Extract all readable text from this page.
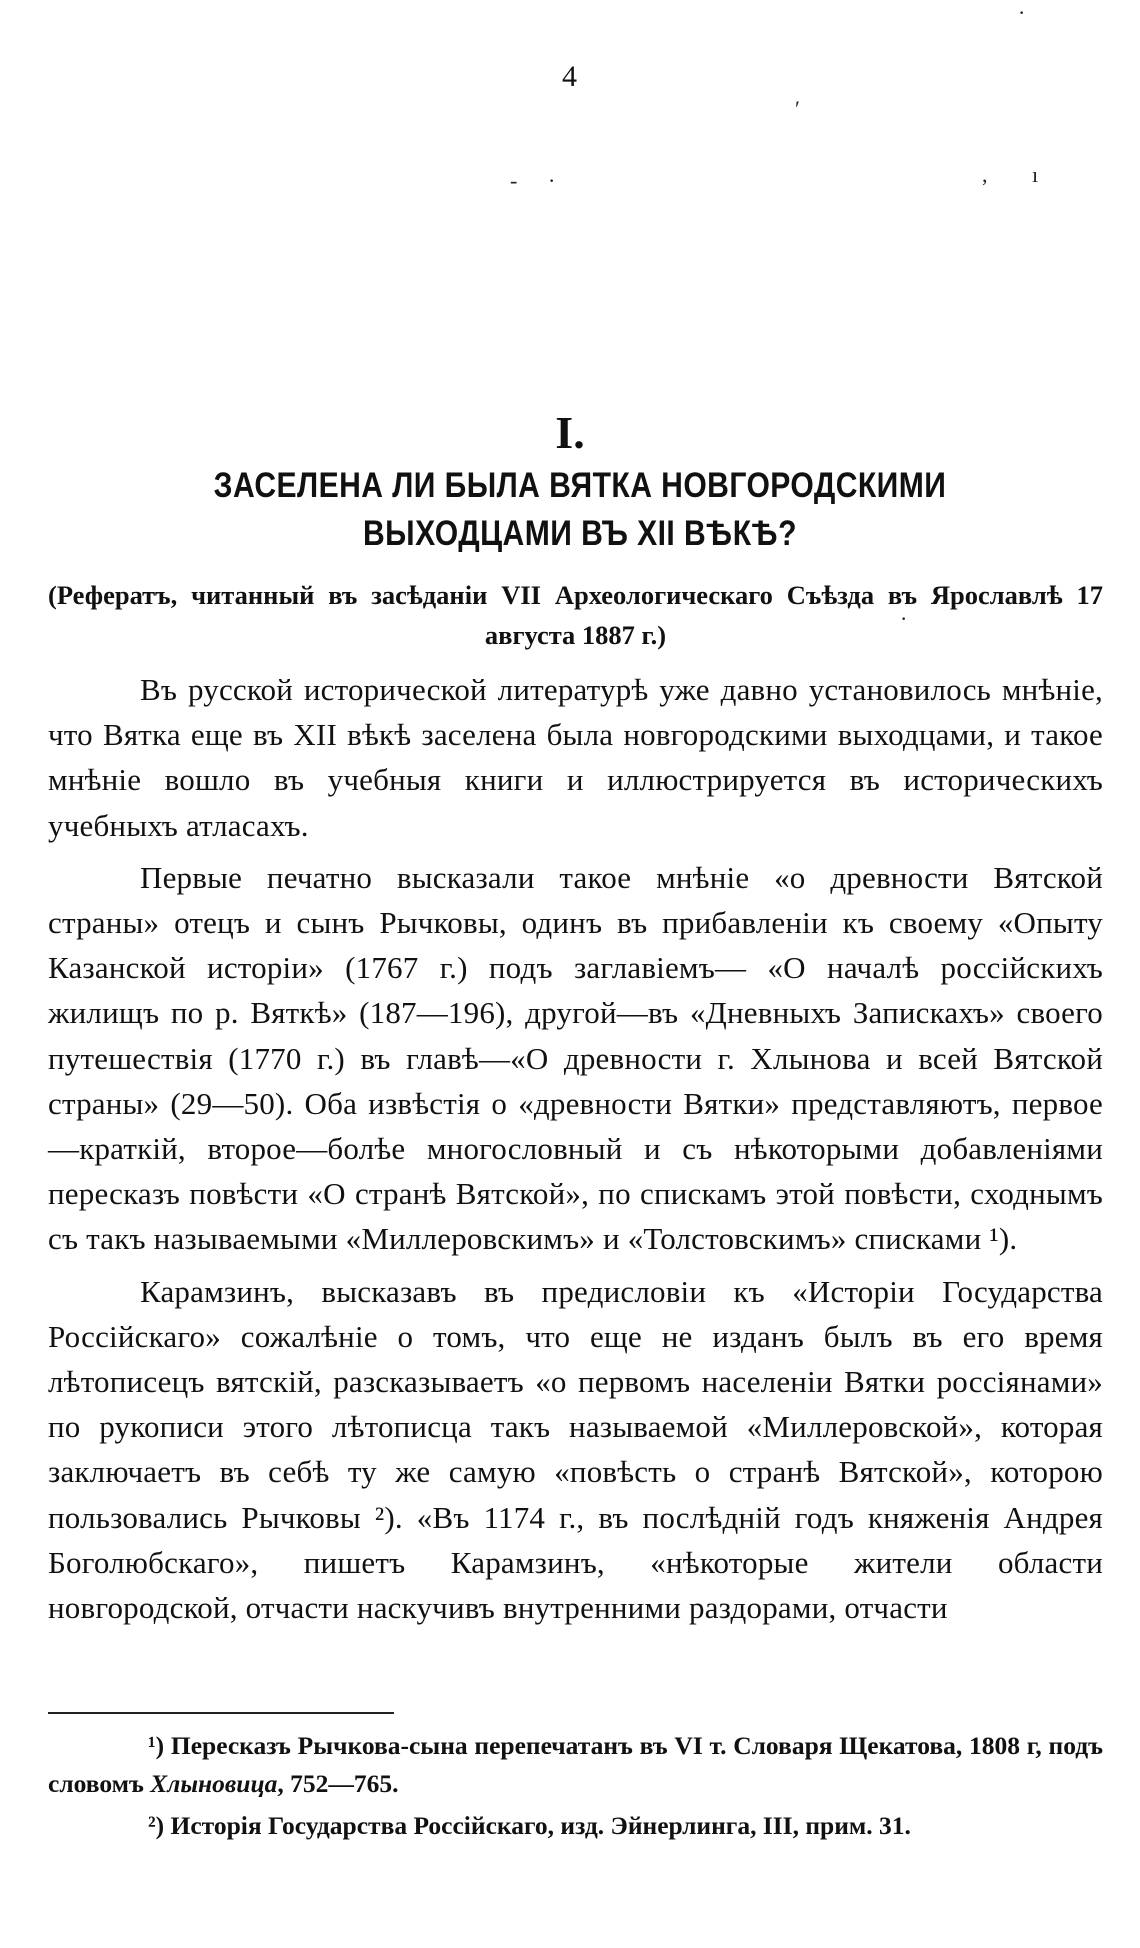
4
·
′
- ·	, ı
·
I.
ЗАСЕЛЕНА ЛИ БЫЛА ВЯТКА НОВГОРОДСКИМИ ВЫХОДЦАМИ ВЪ XII ВѢКѢ?
(Рефератъ, читанный въ засѣданіи VII Археологическаго Съѣзда въ Ярославлѣ 17 августа 1887 г.)

Въ русской исторической литературѣ уже давно установилось мнѣніе, что Вятка еще въ XII вѣкѣ заселена была новгородскими выходцами, и такое мнѣніе вошло въ учебныя книги и иллюстрируется въ историческихъ учебныхъ атласахъ.

Первые печатно высказали такое мнѣніе «о древности Вятской страны» отецъ и сынъ Рычковы, одинъ въ прибавленіи къ своему «Опыту Казанской исторіи» (1767 г.) подъ заглавіемъ— «О началѣ россійскихъ жилищъ по р. Вяткѣ» (187—196), другой—въ «Дневныхъ Запискахъ» своего путешествія (1770 г.) въ главѣ—«О древности г. Хлынова и всей Вятской страны» (29—50). Оба извѣстія о «древности Вятки» представляютъ, первое—краткій, второе—болѣе многословный и съ нѣкоторыми добавленіями пересказъ повѣсти «О странѣ Вятской», по спискамъ этой повѣсти, сходнымъ съ такъ называемыми «Миллеровскимъ» и «Толстовскимъ» списками ¹).

Карамзинъ, высказавъ въ предисловіи къ «Исторіи Государства Россійскаго» сожалѣніе о томъ, что еще не изданъ былъ въ его время лѣтописецъ вятскій, разсказываетъ «о первомъ населеніи Вятки россіянами» по рукописи этого лѣтописца такъ называемой «Миллеровской», которая заключаетъ въ себѣ ту же самую «повѣсть о странѣ Вятской», которою пользовались Рычковы ²). «Въ 1174 г., въ послѣдній годъ княженія Андрея Боголюбскаго», пишетъ Карамзинъ, «нѣкоторые жители области новгородской, отчасти наскучивъ внутренними раздорами, отчасти

¹) Пересказъ Рычкова-сына перепечатанъ въ VI т. Словаря Щекатова, 1808 г, подъ словомъ Хлыновица, 752—765.

²) Исторія Государства Россійскаго, изд. Эйнерлинга, III, прим. 31.
